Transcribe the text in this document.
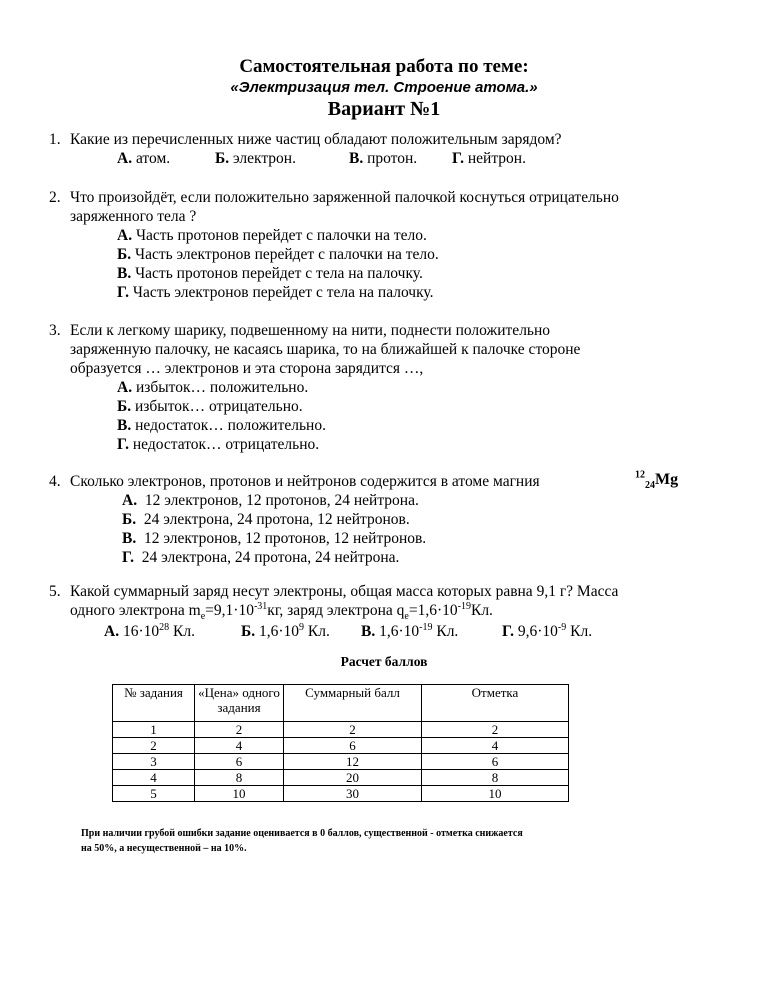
Самостоятельная работа по теме:
«Электризация тел. Строение атома.»
Вариант №1
1. Какие из перечисленных ниже частиц обладают положительным зарядом?
А. атом.	Б. электрон.	В. протон. Г. нейтрон.
2. Что произойдёт, если положительно заряженной палочкой коснуться отрицательно
заряженного тела ?
А. Часть протонов перейдет с палочки на тело.
Б. Часть электронов перейдет с палочки на тело.
В. Часть протонов перейдет с тела на палочку.
Г. Часть электронов перейдет с тела на палочку.
3. Если к легкому шарику, подвешенному на нити, поднести положительно
заряженную палочку, не касаясь шарика, то на ближайшей к палочке стороне
образуется … электронов и эта сторона зарядится …,
А. избыток… положительно.
Б. избыток… отрицательно.
В. недостаток… положительно.
Г. недостаток… отрицательно.
4. Сколько электронов, протонов и нейтронов содержится в атоме магния	$^{12}_{24}$Mg
А. 12 электронов, 12 протонов, 24 нейтрона.
Б. 24 электрона, 24 протона, 12 нейтронов.
В. 12 электронов, 12 протонов, 12 нейтронов.
Г. 24 электрона, 24 протона, 24 нейтрона.
5. Какой суммарный заряд несут электроны, общая масса которых равна 9,1 г? Масса
одного электрона $m_e=9,1\cdot 10^{-31}кг$, заряд электрона $q_e=1,6\cdot 10^{-19}Кл$.
А. $16\cdot 10^{28}$ Кл.	Б. $1,6\cdot 10^9$ Кл. В. $1,6\cdot 10^{-19}$ Кл.	Г. $9,6\cdot 10^{-9}$ Кл.
Расчет баллов
№ задания	«Цена» одного задания	Суммарный балл	Отметка
1	2	2	2
2	4	6	4
3	6	12	6
4	8	20	8
5	10	30	10
При наличии грубой ошибки задание оценивается в 0 баллов, существенной - отметка снижается
на 50%, а несущественной – на 10%.
